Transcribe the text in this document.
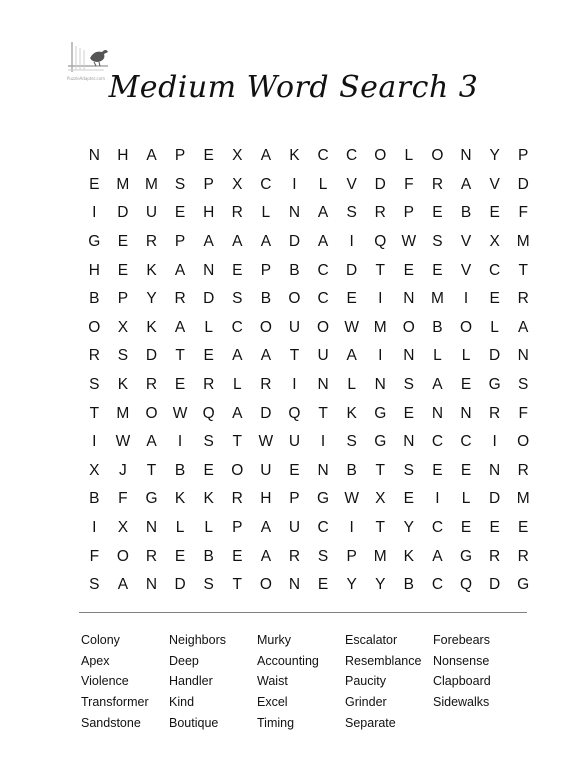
PuzzleAdapter.com Medium Word Search 3
N	H	A	P	E	X	A	K	C	C	O	L	O	N	Y	P
E	M	M	S	P	X	C	I	L	V	D	F	R	A	V	D
I	D	U	E	H	R	L	N	A	S	R	P	E	B	E	F
G	E	R	P	A	A	A	D	A	I	Q W	S	V	X	M
H	E	K	A	N	E	P	B	C	D	T	E	E	V	C	T
B	P	Y	R	D	S	B	O	C	E	I	N	M	I	E	R
O	X	K	A	L	C	O	U	O W M	O	B	O	L	A
R	S	D	T	E	A	A	T	U	A	I	N	L	L	D	N
S	K	R	E	R	L	R	I	N	L	N	S	A	E	G	S
T	M	O W Q	A	D	Q	T	K	G	E	N	N	R	F
I	W	A	I	S	T	W	U	I	S	G	N	C	C	I	O
X	J	T	B	E	O	U	E	N	B	T	S	E	E	N	R
B	F	G	K	K	R	H	P	G W	X	E	I	L	D	M
I	X	N	L	L	P	A	U	C	I	T	Y	C	E	E	E
F	O	R	E	B	E	A	R	S	P	M	K	A	G	R	R
S	A	N	D	S	T	O	N	E	Y	Y	B	C	Q	D	G
Colony	Neighbors	Murky	Escalator	Forebears
Apex	Deep	Accounting	Resemblance Nonsense
Violence	Handler	Waist	Paucity	Clapboard
Transformer	Kind	Excel	Grinder	Sidewalks
Sandstone	Boutique	Timing	Separate
